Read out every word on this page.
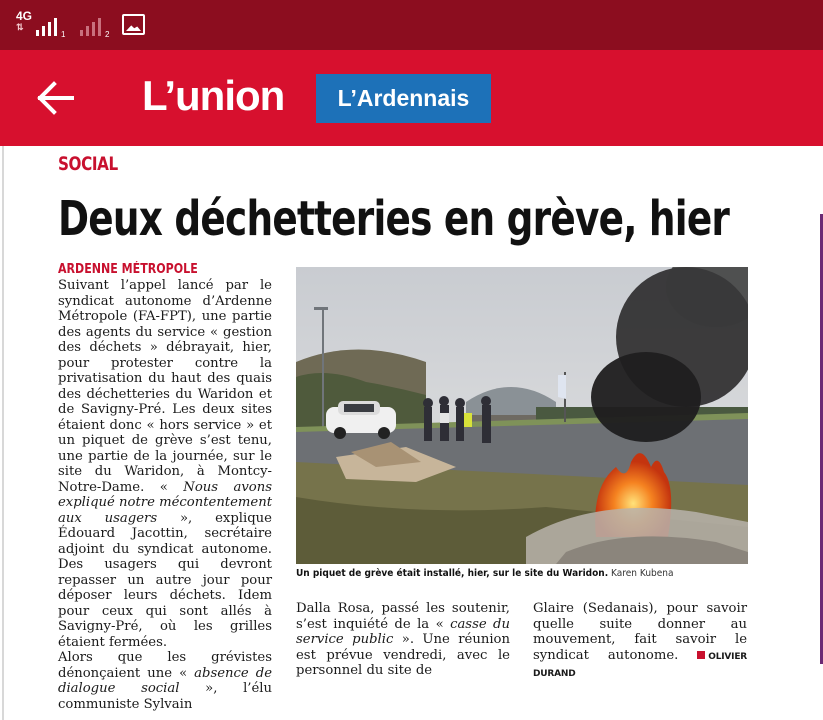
4G
⇅
1	2
L’union	L’Ardennais
SOCIAL
Deux déchetteries en grève, hier
ARDENNE MÉTROPOLE

Suivant l’appel lancé par le syndicat autonome d’Ardenne Métropole (FA-FPT), une partie des agents du service « gestion des déchets » débrayait, hier, pour protester contre la privatisation du haut des quais des déchetteries du Waridon et de Savigny-Pré. Les deux sites étaient donc « hors service » et un piquet de grève s’est tenu, une partie de la journée, sur le site du Waridon, à Montcy-Notre-Dame. « Nous avons expliqué notre mécontentement aux usagers », explique Édouard Jacottin, secrétaire adjoint du syndicat autonome. Des usagers qui devront repasser un autre jour pour déposer leurs déchets. Idem pour ceux qui sont allés à Savigny-Pré, où les grilles étaient fermées.

Alors que les grévistes dénonçaient une « absence de dialogue social », l’élu communiste Sylvain

Un piquet de grève était installé, hier, sur le site du Waridon. Karen Kubena

Dalla Rosa, passé les soutenir, s’est inquiété de la « casse du service public ». Une réunion est prévue vendredi, avec le personnel du site de

Glaire (Sedanais), pour savoir quelle suite donner au mouvement, fait savoir le syndicat autonome. OLIVIER DURAND
